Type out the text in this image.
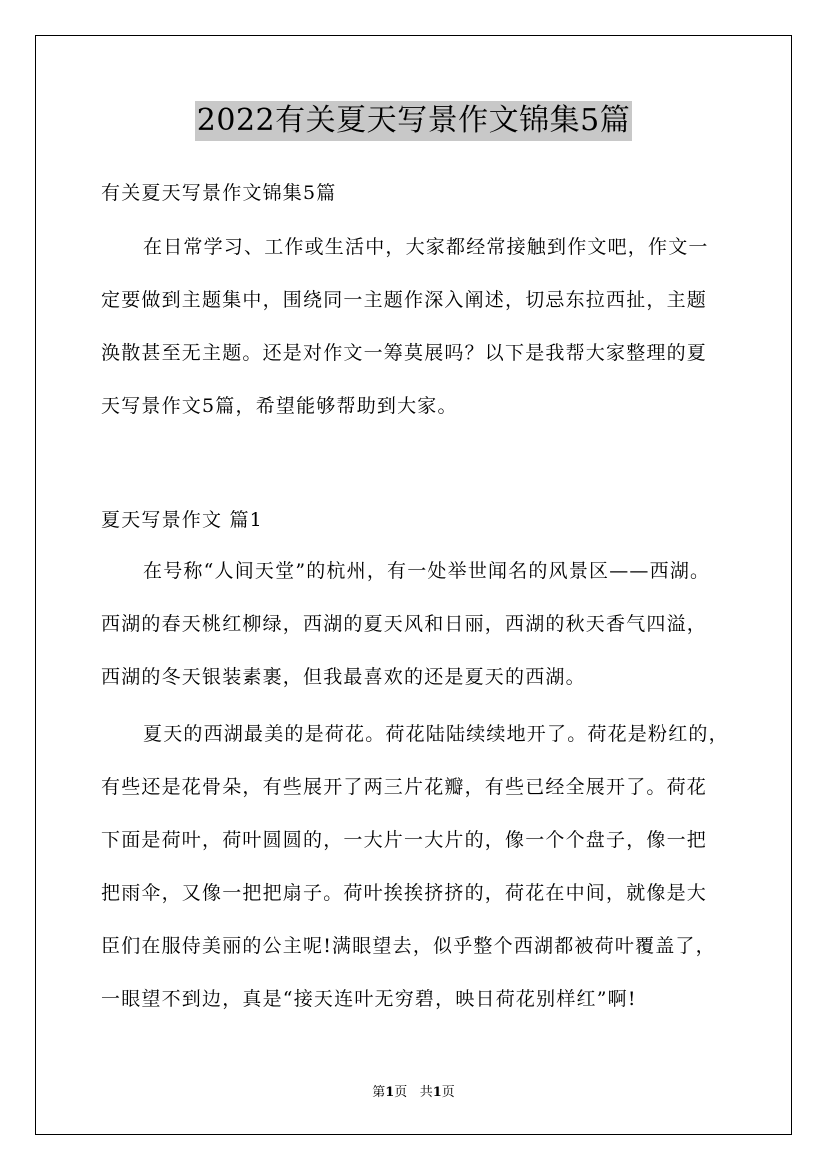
2022有关夏天写景作文锦集5篇
有关夏天写景作文锦集5篇
在日常学习、工作或生活中，大家都经常接触到作文吧，作文一
定要做到主题集中，围绕同一主题作深入阐述，切忌东拉西扯，主题
涣散甚至无主题。还是对作文一筹莫展吗？以下是我帮大家整理的夏
天写景作文5篇，希望能够帮助到大家。
夏天写景作文 篇1
在号称“人间天堂”的杭州，有一处举世闻名的风景区——西湖。
西湖的春天桃红柳绿，西湖的夏天风和日丽，西湖的秋天香气四溢，
西湖的冬天银装素裹，但我最喜欢的还是夏天的西湖。
夏天的西湖最美的是荷花。荷花陆陆续续地开了。荷花是粉红的，
有些还是花骨朵，有些展开了两三片花瓣，有些已经全展开了。荷花
下面是荷叶，荷叶圆圆的，一大片一大片的，像一个个盘子，像一把
把雨伞，又像一把把扇子。荷叶挨挨挤挤的，荷花在中间，就像是大
臣们在服侍美丽的公主呢!满眼望去，似乎整个西湖都被荷叶覆盖了，
一眼望不到边，真是“接天连叶无穷碧，映日荷花别样红”啊!
第1页 共1页
